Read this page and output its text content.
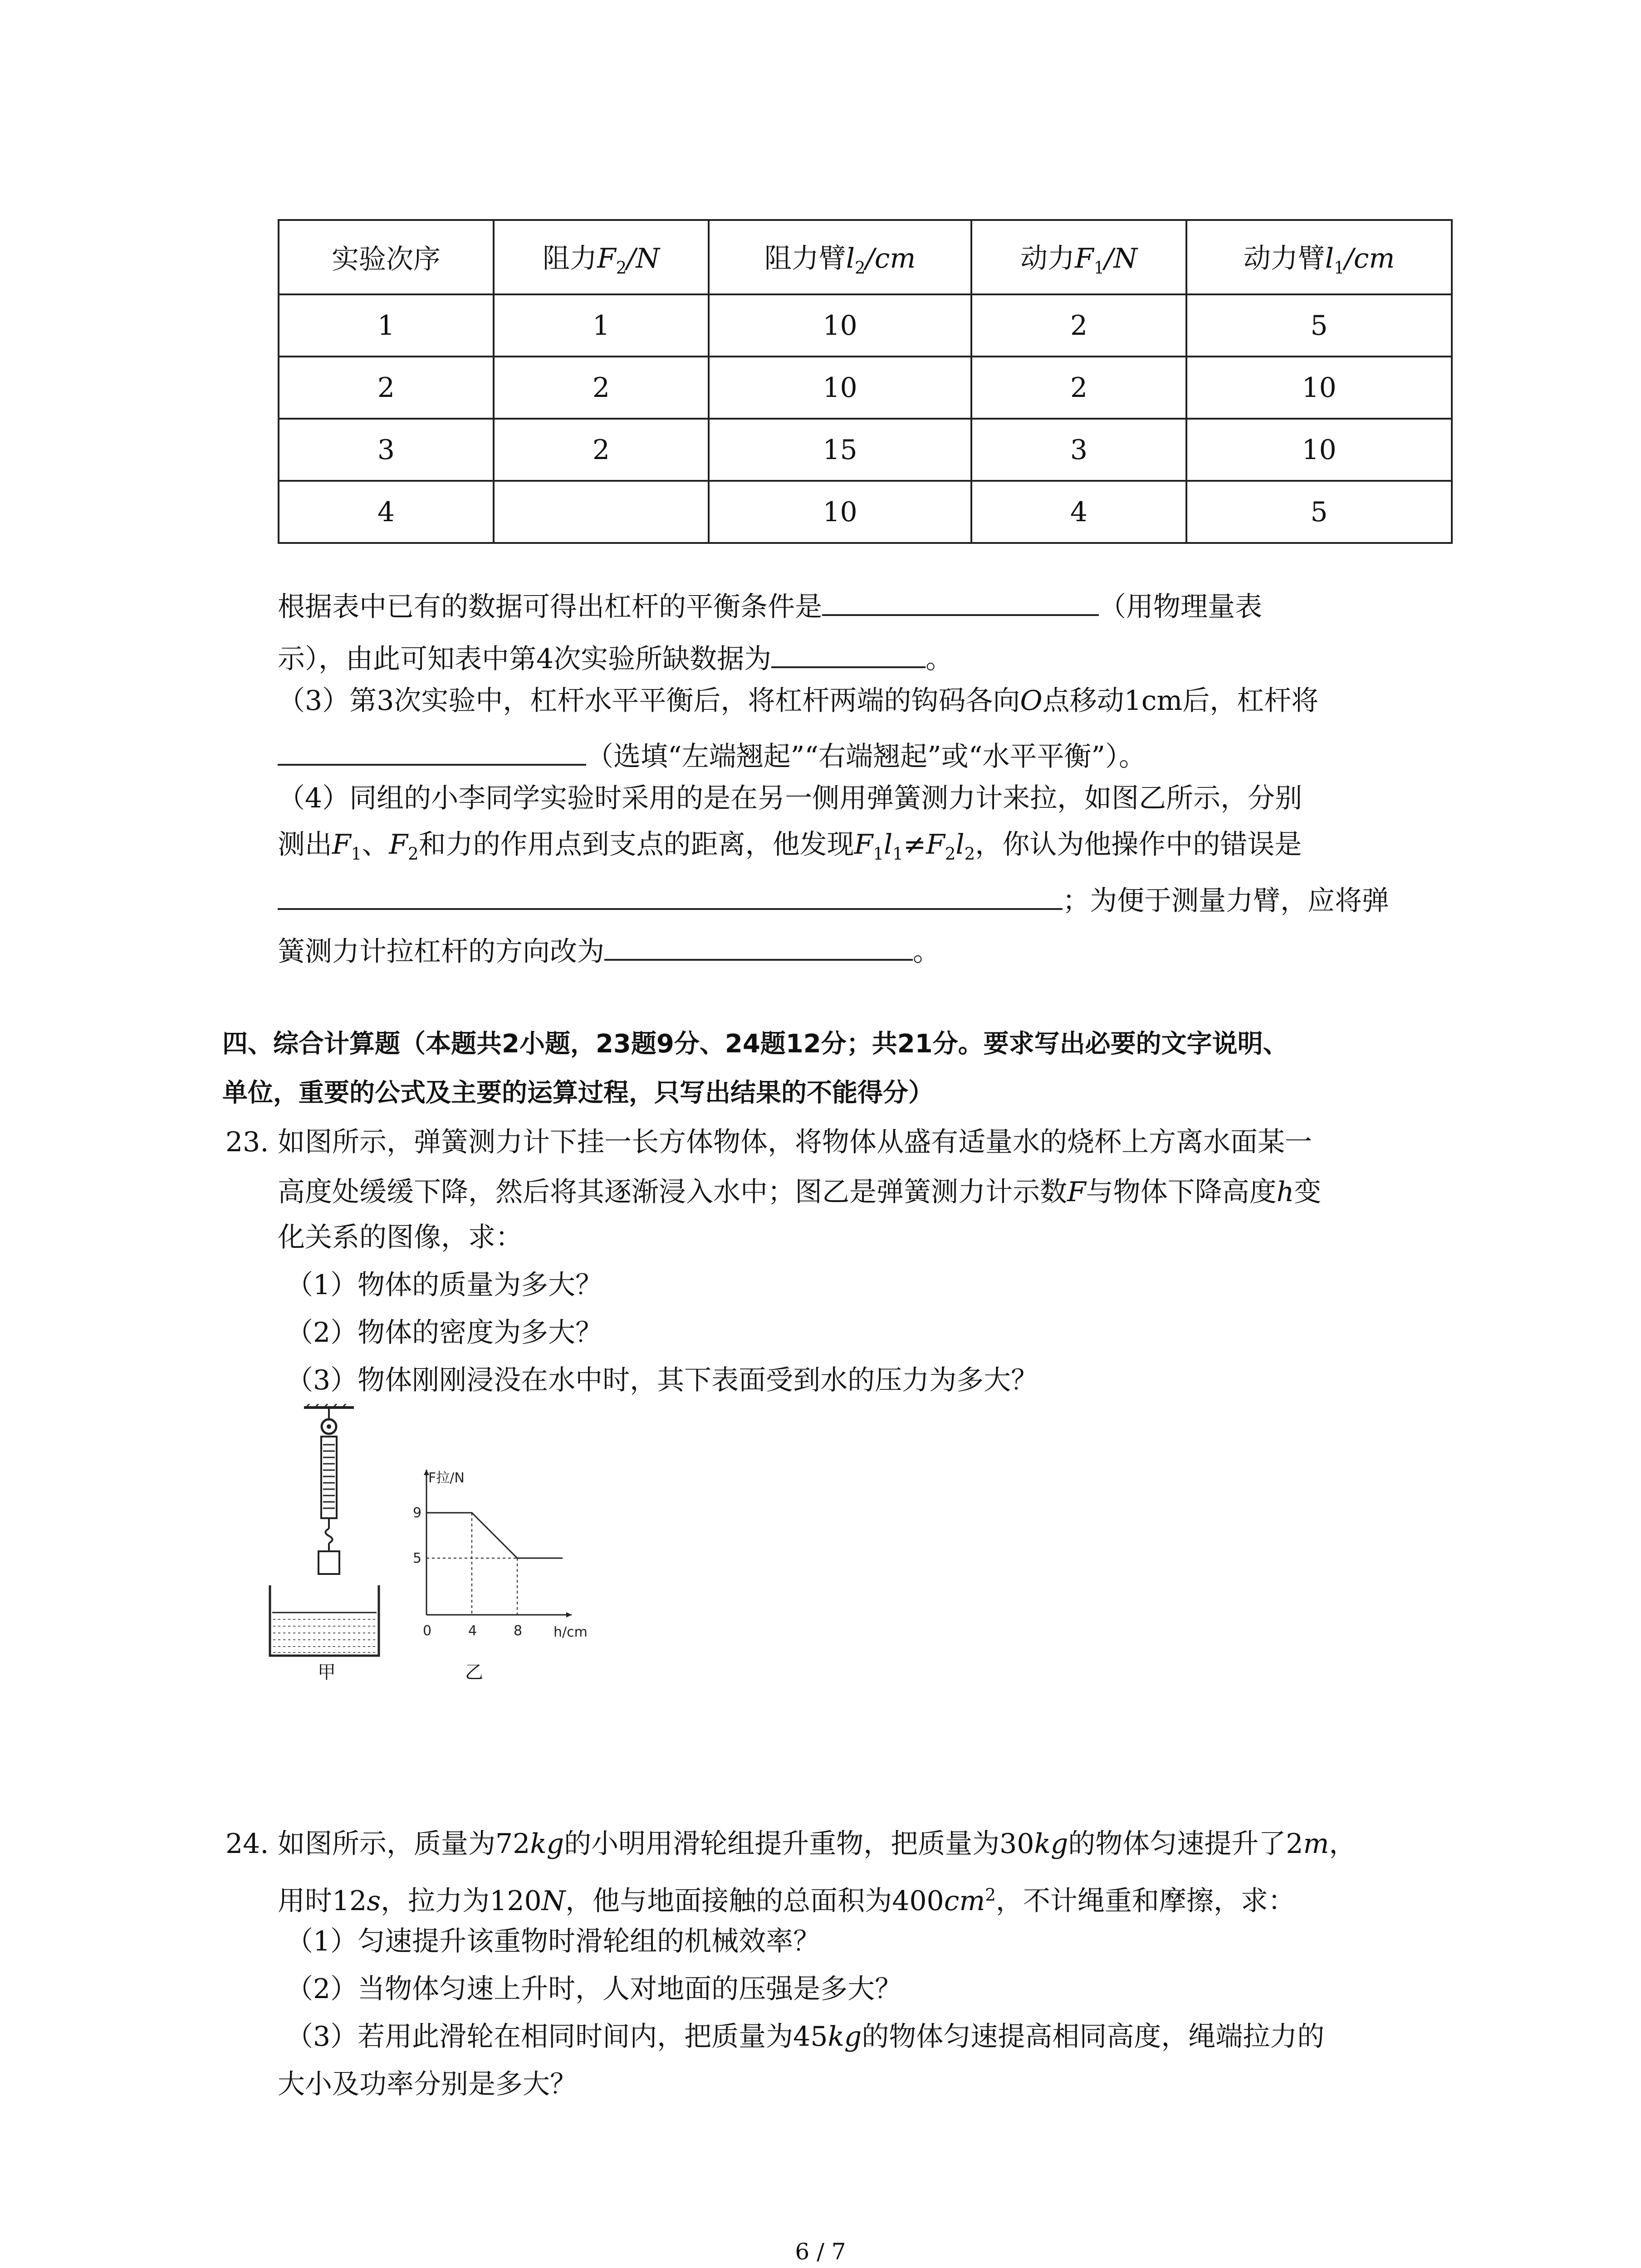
实验次序	阻力$F_2/N$	阻力臂$l_2/cm$	动力$F_1/N$	动力臂$l_1/cm$
1	1	10	2	5
2	2	10	2	10
3	2	15	3	10
4		10	4	5
根据表中已有的数据可得出杠杆的平衡条件是	（用物理量表
示），由此可知表中第4次实验所缺数据为	。
（3）第3次实验中，杠杆水平平衡后，将杠杆两端的钩码各向O点移动1cm后，杠杆将
（选填“左端翘起”“右端翘起”或“水平平衡”）。
（4）同组的小李同学实验时采用的是在另一侧用弹簧测力计来拉，如图乙所示，分别
测出$F_1$、$F_2$和力的作用点到支点的距离，他发现$F_1l_1\ne F_2l_2$，你认为他操作中的错误是
；为便于测量力臂，应将弹
簧测力计拉杠杆的方向改为	。
四、综合计算题（本题共2小题，23题9分、24题12分；共21分。要求写出必要的文字说明、
单位，重要的公式及主要的运算过程，只写出结果的不能得分）
23. 如图所示，弹簧测力计下挂一长方体物体，将物体从盛有适量水的烧杯上方离水面某一
高度处缓缓下降，然后将其逐渐浸入水中；图乙是弹簧测力计示数F与物体下降高度h变
化关系的图像，求：
（1）物体的质量为多大？
（2）物体的密度为多大？
（3）物体刚刚浸没在水中时，其下表面受到水的压力为多大？
甲
F拉/N
h/cm
9
5
0	4	8
乙
24. 如图所示，质量为72kg的小明用滑轮组提升重物，把质量为30kg的物体匀速提升了2m，
用时12s，拉力为120N，他与地面接触的总面积为$400cm^2$，不计绳重和摩擦，求：
（1）匀速提升该重物时滑轮组的机械效率？
（2）当物体匀速上升时，人对地面的压强是多大？
（3）若用此滑轮在相同时间内，把质量为45kg的物体匀速提高相同高度，绳端拉力的
大小及功率分别是多大？
6 / 7
